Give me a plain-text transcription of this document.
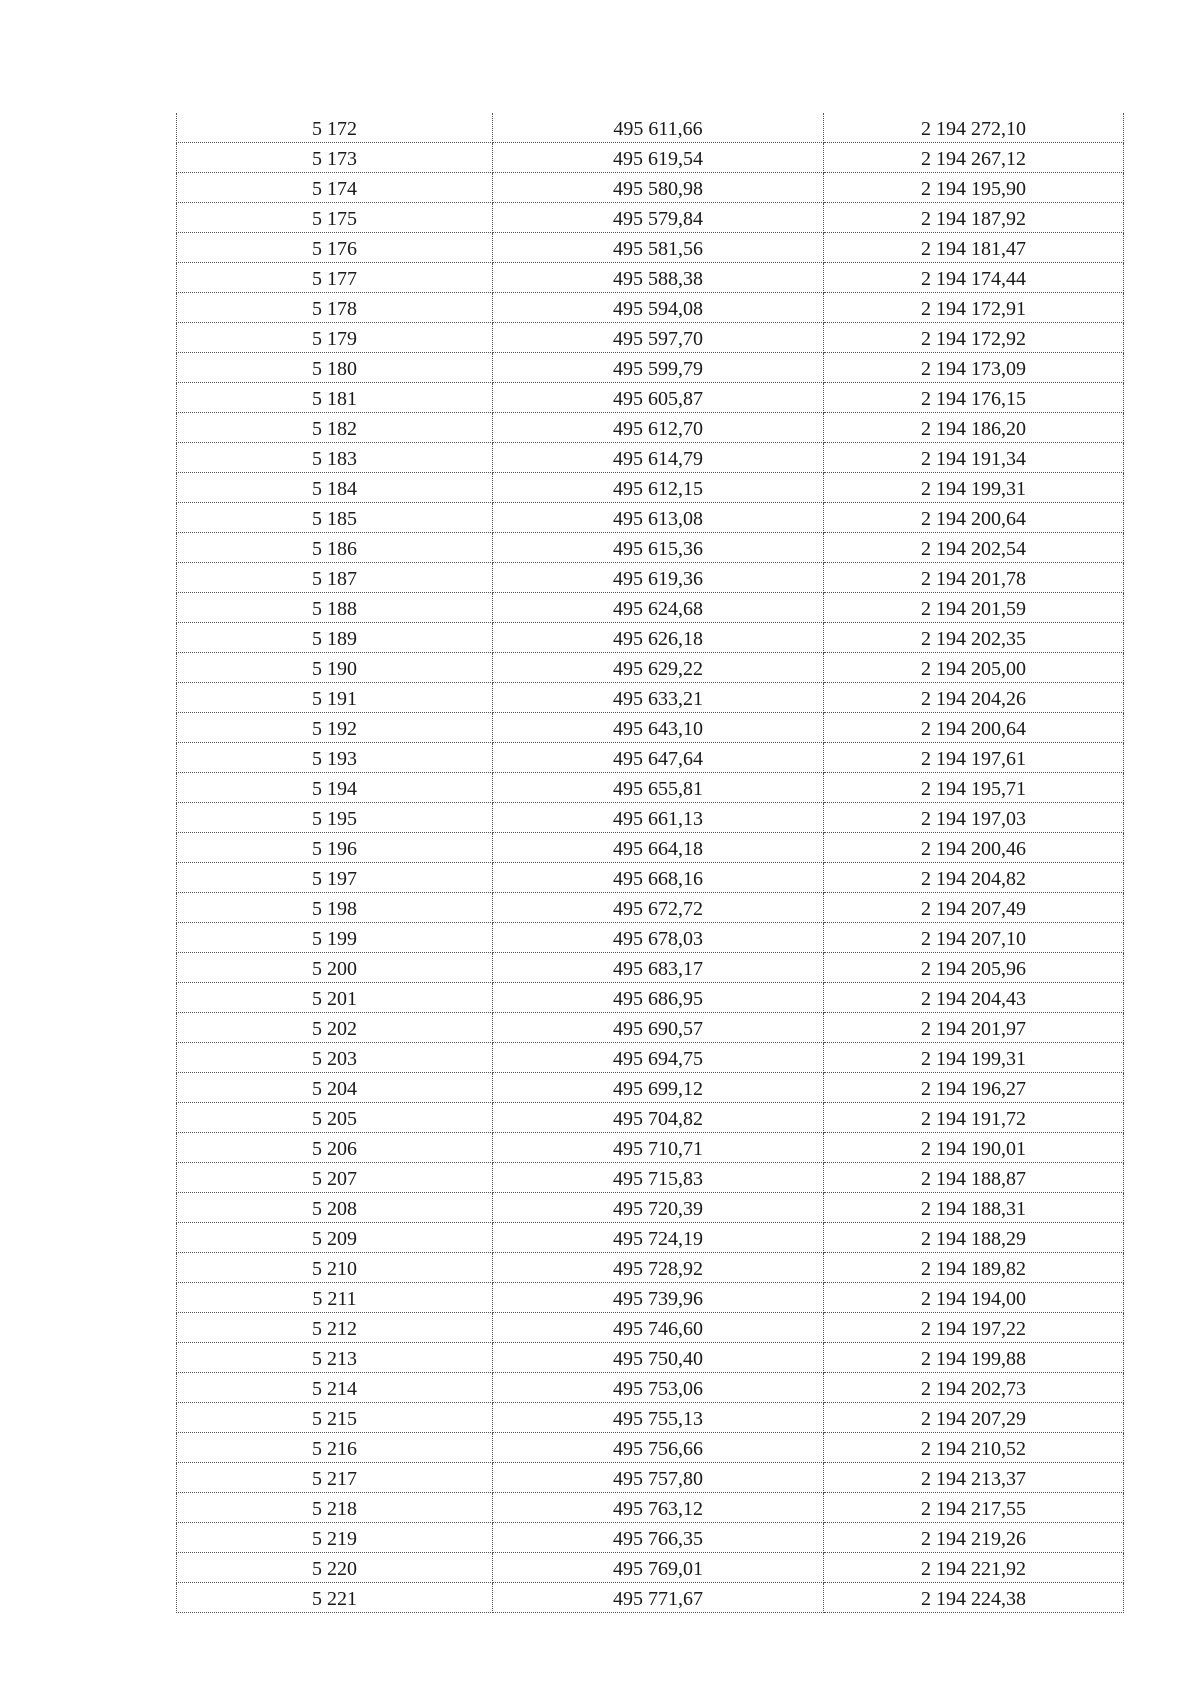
5 172	495 611,66	2 194 272,10
5 173	495 619,54	2 194 267,12
5 174	495 580,98	2 194 195,90
5 175	495 579,84	2 194 187,92
5 176	495 581,56	2 194 181,47
5 177	495 588,38	2 194 174,44
5 178	495 594,08	2 194 172,91
5 179	495 597,70	2 194 172,92
5 180	495 599,79	2 194 173,09
5 181	495 605,87	2 194 176,15
5 182	495 612,70	2 194 186,20
5 183	495 614,79	2 194 191,34
5 184	495 612,15	2 194 199,31
5 185	495 613,08	2 194 200,64
5 186	495 615,36	2 194 202,54
5 187	495 619,36	2 194 201,78
5 188	495 624,68	2 194 201,59
5 189	495 626,18	2 194 202,35
5 190	495 629,22	2 194 205,00
5 191	495 633,21	2 194 204,26
5 192	495 643,10	2 194 200,64
5 193	495 647,64	2 194 197,61
5 194	495 655,81	2 194 195,71
5 195	495 661,13	2 194 197,03
5 196	495 664,18	2 194 200,46
5 197	495 668,16	2 194 204,82
5 198	495 672,72	2 194 207,49
5 199	495 678,03	2 194 207,10
5 200	495 683,17	2 194 205,96
5 201	495 686,95	2 194 204,43
5 202	495 690,57	2 194 201,97
5 203	495 694,75	2 194 199,31
5 204	495 699,12	2 194 196,27
5 205	495 704,82	2 194 191,72
5 206	495 710,71	2 194 190,01
5 207	495 715,83	2 194 188,87
5 208	495 720,39	2 194 188,31
5 209	495 724,19	2 194 188,29
5 210	495 728,92	2 194 189,82
5 211	495 739,96	2 194 194,00
5 212	495 746,60	2 194 197,22
5 213	495 750,40	2 194 199,88
5 214	495 753,06	2 194 202,73
5 215	495 755,13	2 194 207,29
5 216	495 756,66	2 194 210,52
5 217	495 757,80	2 194 213,37
5 218	495 763,12	2 194 217,55
5 219	495 766,35	2 194 219,26
5 220	495 769,01	2 194 221,92
5 221	495 771,67	2 194 224,38
